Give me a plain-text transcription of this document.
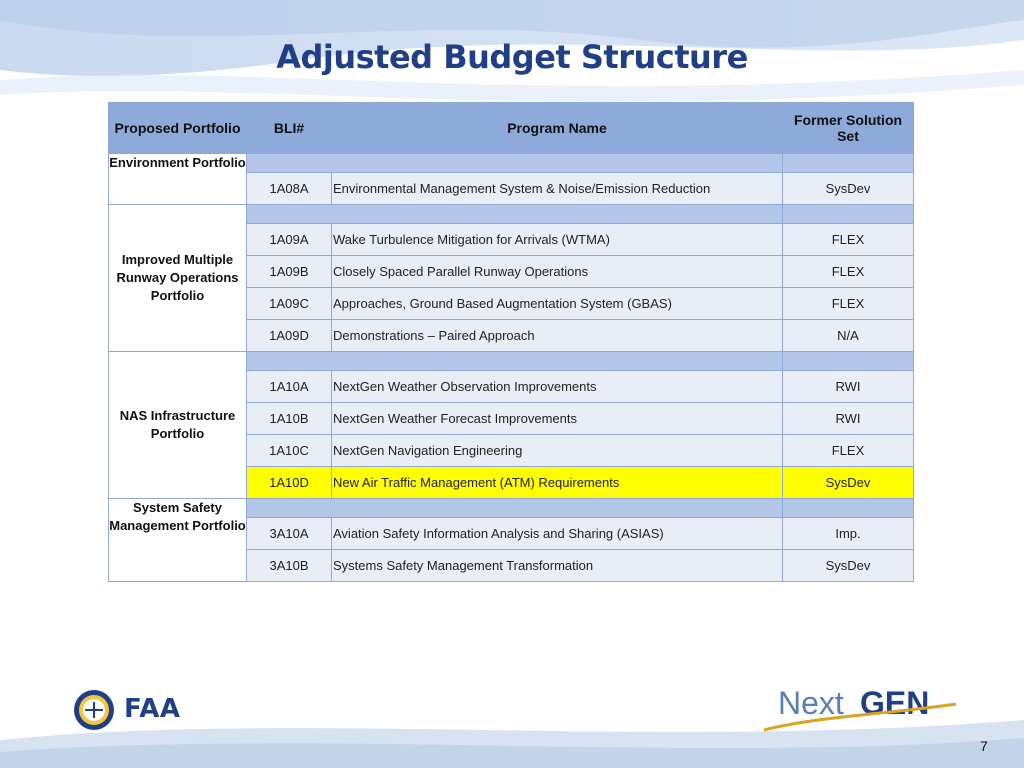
Adjusted Budget Structure
Proposed Portfolio	BLI#	Program Name	Former Solution Set
Environment Portfolio			
	1A08A	Environmental Management System & Noise/Emission Reduction	SysDev
Improved Multiple Runway Operations Portfolio			
	1A09A	Wake Turbulence Mitigation for Arrivals (WTMA)	FLEX
	1A09B	Closely Spaced Parallel Runway Operations	FLEX
	1A09C	Approaches, Ground Based Augmentation System (GBAS)	FLEX
	1A09D	Demonstrations – Paired Approach	N/A
NAS Infrastructure Portfolio			
	1A10A	NextGen Weather Observation Improvements	RWI
	1A10B	NextGen Weather Forecast Improvements	RWI
	1A10C	NextGen Navigation Engineering	FLEX
	1A10D	New Air Traffic Management (ATM) Requirements	SysDev
System Safety Management Portfolio			
	3A10A	Aviation Safety Information Analysis and Sharing (ASIAS)	Imp.
	3A10B	Systems Safety Management Transformation	SysDev
FAA	Next GEN
7
